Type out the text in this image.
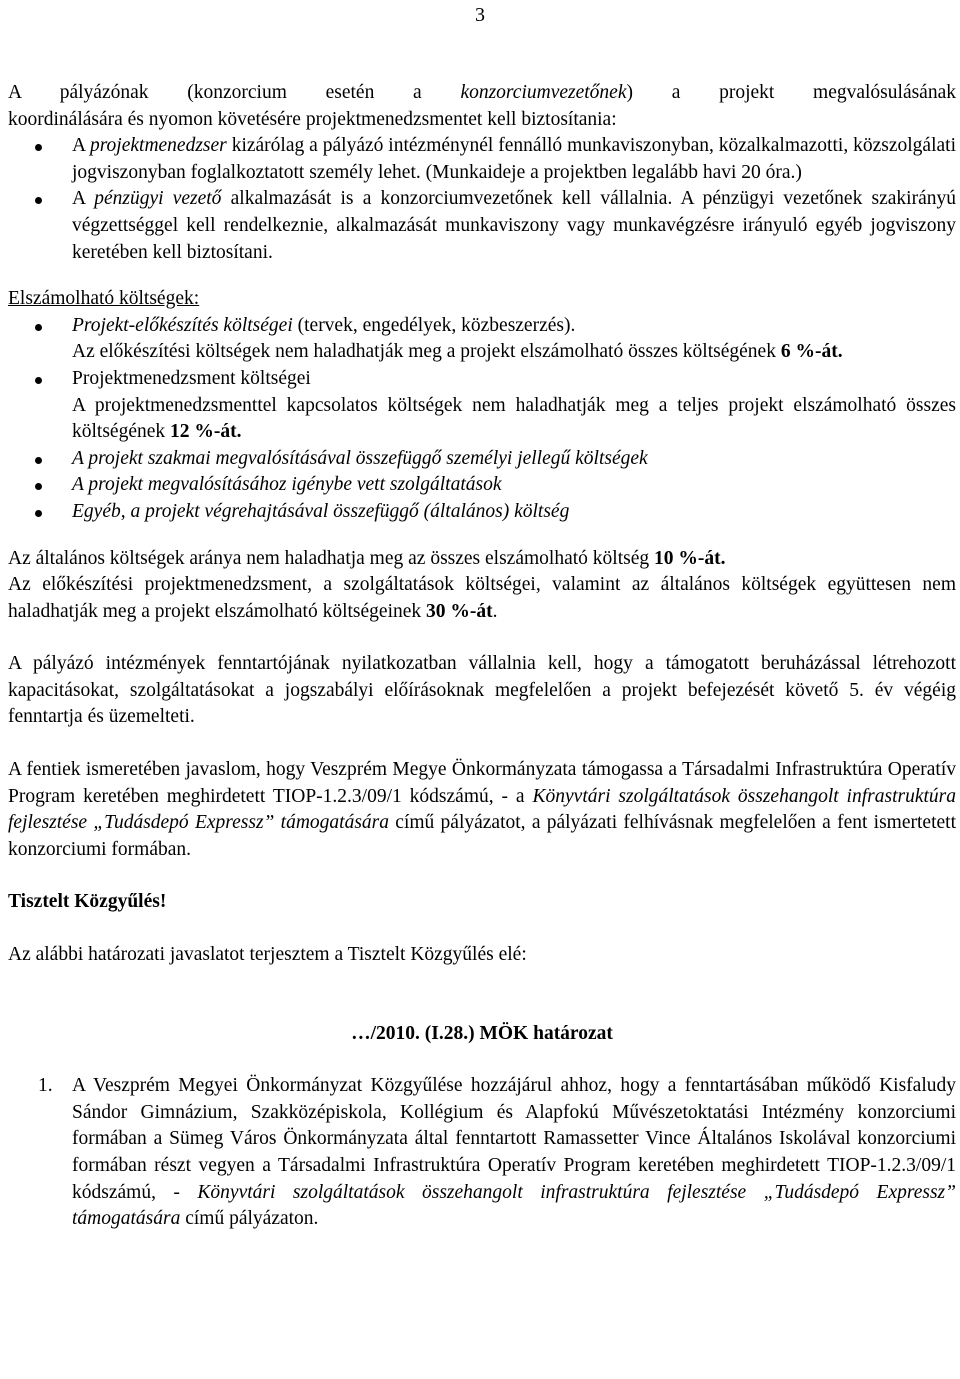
3

A pályázónak (konzorcium esetén a konzorciumvezetőnek) a projekt megvalósulásának
koordinálására és nyomon követésére projektmenedzsmentet kell biztosítania:

A projektmenedzser kizárólag a pályázó intézménynél fennálló munkaviszonyban, közalkalmazotti, közszolgálati jogviszonyban foglalkoztatott személy lehet. (Munkaideje a projektben legalább havi 20 óra.)
A pénzügyi vezető alkalmazását is a konzorciumvezetőnek kell vállalnia. A pénzügyi vezetőnek szakirányú végzettséggel kell rendelkeznie, alkalmazását munkaviszony vagy munkavégzésre irányuló egyéb jogviszony keretében kell biztosítani.

Elszámolható költségek:

Projekt-előkészítés költségei (tervek, engedélyek, közbeszerzés).
Az előkészítési költségek nem haladhatják meg a projekt elszámolható összes költségének 6 %-át.
Projektmenedzsment költségei
A projektmenedzsmenttel kapcsolatos költségek nem haladhatják meg a teljes projekt elszámolható összes költségének 12 %-át.
A projekt szakmai megvalósításával összefüggő személyi jellegű költségek
A projekt megvalósításához igénybe vett szolgáltatások
Egyéb, a projekt végrehajtásával összefüggő (általános) költség

Az általános költségek aránya nem haladhatja meg az összes elszámolható költség 10 %-át.

Az előkészítési projektmenedzsment, a szolgáltatások költségei, valamint az általános költségek együttesen nem haladhatják meg a projekt elszámolható költségeinek 30 %-át.

A pályázó intézmények fenntartójának nyilatkozatban vállalnia kell, hogy a támogatott beruházással létrehozott kapacitásokat, szolgáltatásokat a jogszabályi előírásoknak megfelelően a projekt befejezését követő 5. év végéig fenntartja és üzemelteti.

A fentiek ismeretében javaslom, hogy Veszprém Megye Önkormányzata támogassa a Társadalmi Infrastruktúra Operatív Program keretében meghirdetett TIOP-1.2.3/09/1 kódszámú, - a Könyvtári szolgáltatások összehangolt infrastruktúra fejlesztése „Tudásdepó Expressz” támogatására című pályázatot, a pályázati felhívásnak megfelelően a fent ismertetett konzorciumi formában.

Tisztelt Közgyűlés!

Az alábbi határozati javaslatot terjesztem a Tisztelt Közgyűlés elé:

…/2010. (I.28.) MÖK határozat

1. A Veszprém Megyei Önkormányzat Közgyűlése hozzájárul ahhoz, hogy a fenntartásában működő Kisfaludy Sándor Gimnázium, Szakközépiskola, Kollégium és Alapfokú Művészetoktatási Intézmény konzorciumi formában a Sümeg Város Önkormányzata által fenntartott Ramassetter Vince Általános Iskolával konzorciumi formában részt vegyen a Társadalmi Infrastruktúra Operatív Program keretében meghirdetett TIOP-1.2.3/09/1 kódszámú, - Könyvtári szolgáltatások összehangolt infrastruktúra fejlesztése „Tudásdepó Expressz” támogatására című pályázaton.
